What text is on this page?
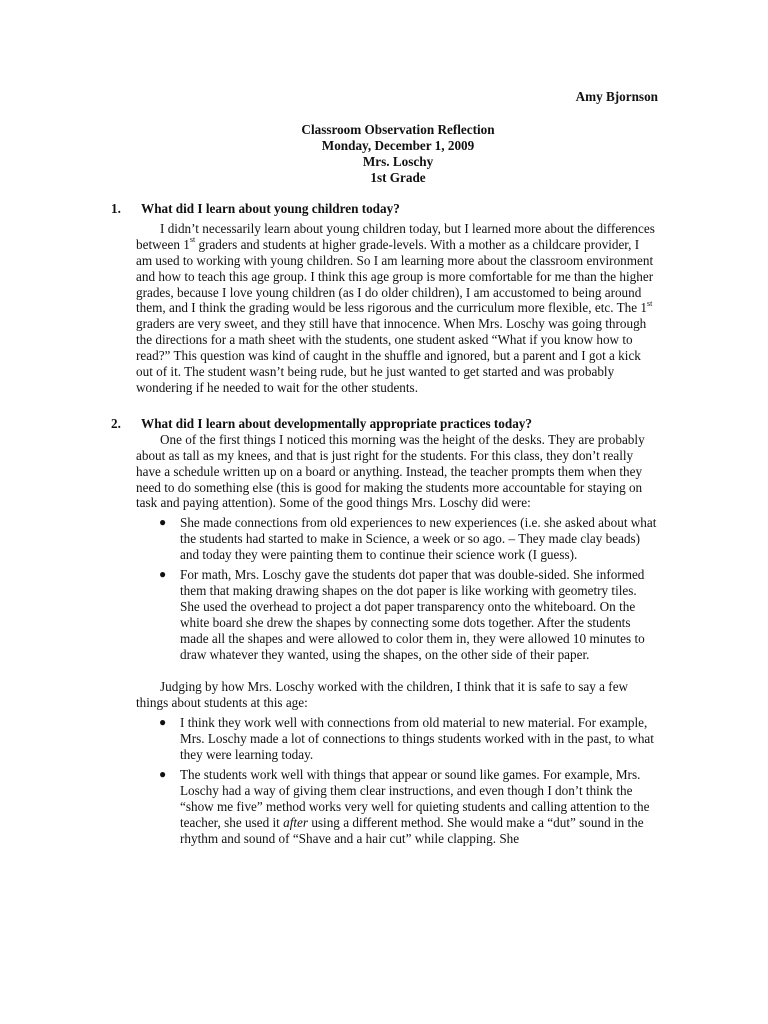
Amy Bjornson
Classroom Observation Reflection
Monday, December 1, 2009
Mrs. Loschy
1st Grade
1. What did I learn about young children today?
I didn’t necessarily learn about young children today, but I learned more about the differences between 1st graders and students at higher grade-levels. With a mother as a childcare provider, I am used to working with young children. So I am learning more about the classroom environment and how to teach this age group. I think this age group is more comfortable for me than the higher grades, because I love young children (as I do older children), I am accustomed to being around them, and I think the grading would be less rigorous and the curriculum more flexible, etc. The 1st graders are very sweet, and they still have that innocence. When Mrs. Loschy was going through the directions for a math sheet with the students, one student asked “What if you know how to read?” This question was kind of caught in the shuffle and ignored, but a parent and I got a kick out of it. The student wasn’t being rude, but he just wanted to get started and was probably wondering if he needed to wait for the other students.
2. What did I learn about developmentally appropriate practices today?
One of the first things I noticed this morning was the height of the desks. They are probably about as tall as my knees, and that is just right for the students. For this class, they don’t really have a schedule written up on a board or anything. Instead, the teacher prompts them when they need to do something else (this is good for making the students more accountable for staying on task and paying attention). Some of the good things Mrs. Loschy did were:
● She made connections from old experiences to new experiences (i.e. she asked about what the students had started to make in Science, a week or so ago. – They made clay beads) and today they were painting them to continue their science work (I guess).
● For math, Mrs. Loschy gave the students dot paper that was double-sided. She informed them that making drawing shapes on the dot paper is like working with geometry tiles. She used the overhead to project a dot paper transparency onto the whiteboard. On the white board she drew the shapes by connecting some dots together. After the students made all the shapes and were allowed to color them in, they were allowed 10 minutes to draw whatever they wanted, using the shapes, on the other side of their paper.
Judging by how Mrs. Loschy worked with the children, I think that it is safe to say a few things about students at this age:
● I think they work well with connections from old material to new material. For example, Mrs. Loschy made a lot of connections to things students worked with in the past, to what they were learning today.
● The students work well with things that appear or sound like games. For example, Mrs. Loschy had a way of giving them clear instructions, and even though I don’t think the “show me five” method works very well for quieting students and calling attention to the teacher, she used it after using a different method. She would make a “dut” sound in the rhythm and sound of “Shave and a hair cut” while clapping. She
